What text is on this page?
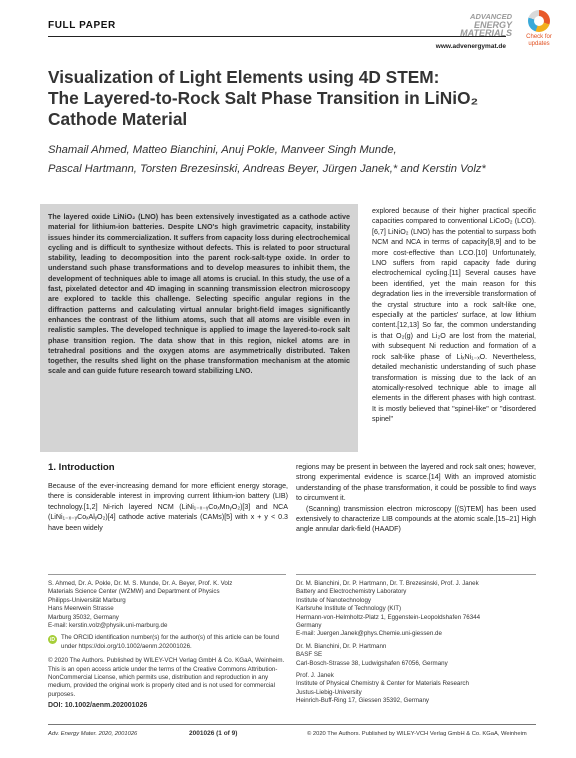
FULL PAPER
ADVANCED
ENERGY
MATERIALS
www.advenergymat.de
Check for
updates
Visualization of Light Elements using 4D STEM:
The Layered-to-Rock Salt Phase Transition in LiNiO₂
Cathode Material
Shamail Ahmed, Matteo Bianchini, Anuj Pokle, Manveer Singh Munde,
Pascal Hartmann, Torsten Brezesinski, Andreas Beyer, Jürgen Janek,* and Kerstin Volz*

The layered oxide LiNiO₂ (LNO) has been extensively investigated as a cathode active material for lithium-ion batteries. Despite LNO's high gravimetric capacity, instability issues hinder its commercialization. It suffers from capacity loss during electrochemical cycling and is difficult to synthesize without defects. This is related to poor structural stability, leading to decomposition into the parent rock-salt-type oxide. In order to understand such phase transformations and to develop measures to inhibit them, the development of techniques able to image all atoms is crucial. In this study, the use of a fast, pixelated detector and 4D imaging in scanning transmission electron microscopy are explored to tackle this challenge. Selecting specific angular regions in the diffraction patterns and calculating virtual annular bright-field images significantly enhances the contrast of the lithium atoms, such that all atoms are visible even in realistic samples. The developed technique is applied to image the layered-to-rock salt phase transition region. The data show that in this region, nickel atoms are in tetrahedral positions and the oxygen atoms are asymmetrically distributed. Taken together, the results shed light on the phase transformation mechanism at the atomic scale and can guide future research toward stabilizing LNO.

explored because of their higher practical specific capacities compared to conventional LiCoO₂ (LCO).[6,7] LiNiO₂ (LNO) has the potential to surpass both NCM and NCA in terms of capacity[8,9] and to be more cost-effective than LCO.[10] Unfortunately, LNO suffers from rapid capacity fade during electrochemical cycling.[11] Several causes have been identified, yet the main reason for this degradation lies in the irreversible transformation of the crystal structure into a rock salt-like one, especially at the particles' surface, at low lithium content.[12,13] So far, the common understanding is that O₂(g) and Li₂O are lost from the material, with subsequent Ni reduction and formation of a rock salt-like phase of LiₓNi₁₋ₓO. Nevertheless, detailed mechanistic understanding of such phase transformation is missing due to the lack of an atomically-resolved technique able to image all elements in the different phases with high contrast. It is mostly believed that "spinel-like" or "disordered spinel"

1. Introduction

Because of the ever-increasing demand for more efficient energy storage, there is considerable interest in improving current lithium-ion battery (LIB) technology.[1,2] Ni-rich layered NCM (LiNi₁₋ₓ₋ᵧCoₓMnᵧO₂)[3] and NCA (LiNi₁₋ₓ₋ᵧCoₓAlᵧO₂)[4] cathode active materials (CAMs)[5] with x + y < 0.3 have been widely

regions may be present in between the layered and rock salt ones; however, strong experimental evidence is scarce.[14] With an improved atomistic understanding of the phase transformation, it could be possible to find ways to circumvent it.

(Scanning) transmission electron microscopy [(S)TEM] has been used extensively to characterize LIB compounds at the atomic scale.[15–21] High angle annular dark-field (HAADF)

S. Ahmed, Dr. A. Pokle, Dr. M. S. Munde, Dr. A. Beyer, Prof. K. Volz
Materials Science Center (WZMW) and Department of Physics
Philipps-Universität Marburg
Hans Meerwein Strasse
Marburg 35032, Germany
E-mail: kerstin.volz@physik.uni-marburg.de
iD The ORCID identification number(s) for the author(s) of this article can be found under https://doi.org/10.1002/aenm.202001026.
© 2020 The Authors. Published by WILEY-VCH Verlag GmbH & Co. KGaA, Weinheim. This is an open access article under the terms of the Creative Commons Attribution-NonCommercial License, which permits use, distribution and reproduction in any medium, provided the original work is properly cited and is not used for commercial purposes.
DOI: 10.1002/aenm.202001026
Dr. M. Bianchini, Dr. P. Hartmann, Dr. T. Brezesinski, Prof. J. Janek
Battery and Electrochemistry Laboratory
Institute of Nanotechnology
Karlsruhe Institute of Technology (KIT)
Hermann-von-Helmholtz-Platz 1, Eggenstein-Leopoldshafen 76344
Germany
E-mail: Juergen.Janek@phys.Chemie.uni-giessen.de
Dr. M. Bianchini, Dr. P. Hartmann
BASF SE
Carl-Bosch-Strasse 38, Ludwigshafen 67056, Germany
Prof. J. Janek
Institute of Physical Chemistry & Center for Materials Research
Justus-Liebig-University
Heinrich-Buff-Ring 17, Giessen 35392, Germany
Adv. Energy Mater. 2020, 2001026	2001026 (1 of 9)	© 2020 The Authors. Published by WILEY-VCH Verlag GmbH & Co. KGaA, Weinheim
